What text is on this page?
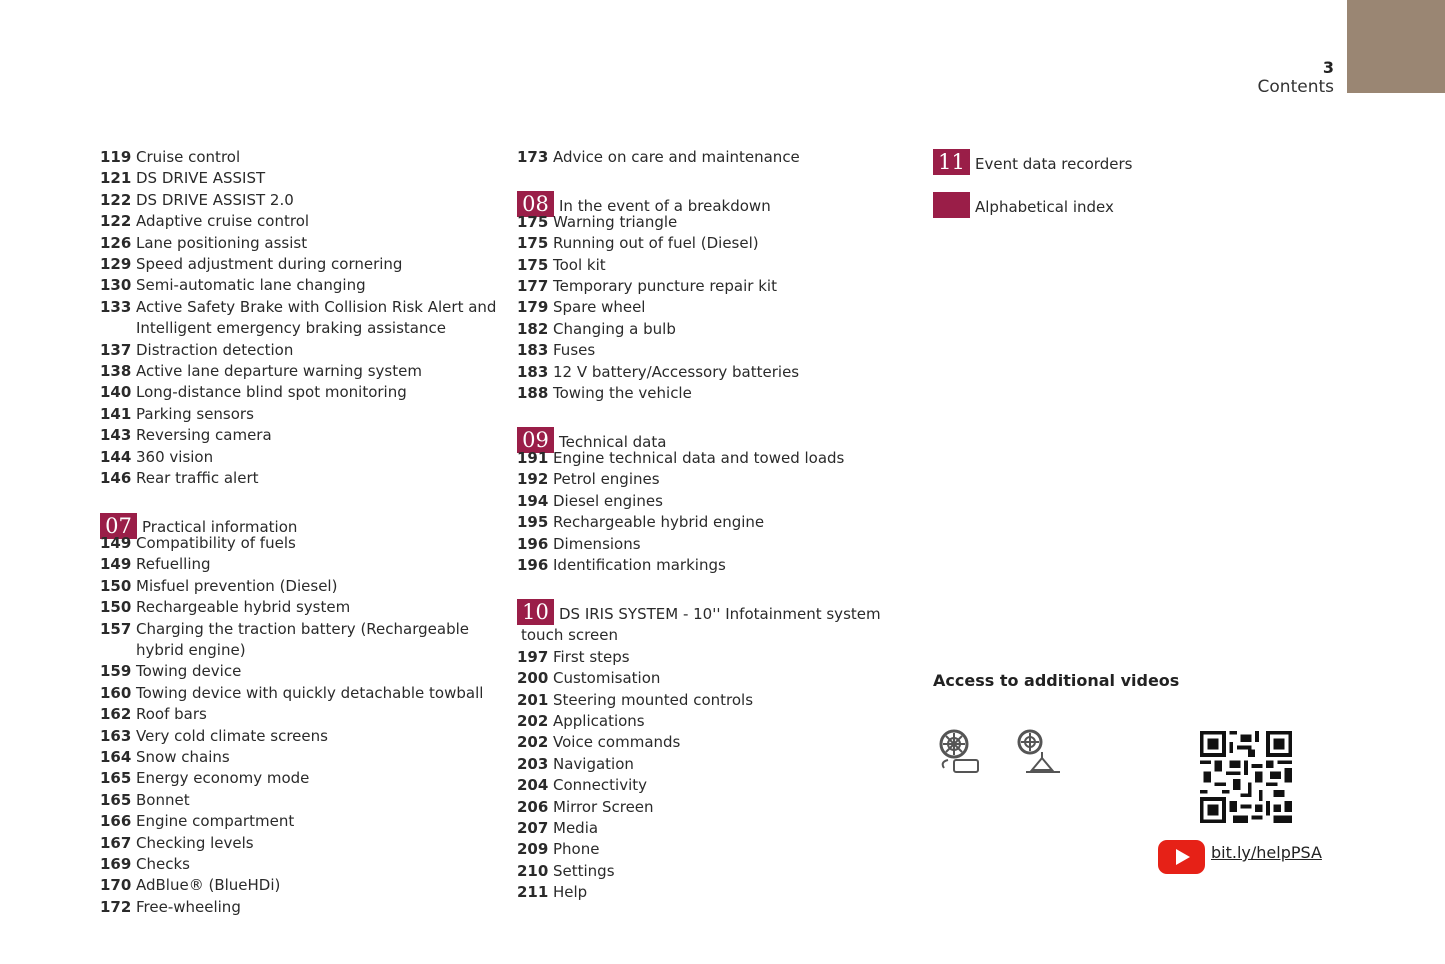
3
Contents
119 Cruise control
121 DS DRIVE ASSIST
122 DS DRIVE ASSIST 2.0
122 Adaptive cruise control
126 Lane positioning assist
129 Speed adjustment during cornering
130 Semi-automatic lane changing
133 Active Safety Brake with Collision Risk Alert and Intelligent emergency braking assistance
137 Distraction detection
138 Active lane departure warning system
140 Long-distance blind spot monitoring
141 Parking sensors
143 Reversing camera
144 360 vision
146 Rear traffic alert
07 Practical information
149 Compatibility of fuels
149 Refuelling
150 Misfuel prevention (Diesel)
150 Rechargeable hybrid system
157 Charging the traction battery (Rechargeable hybrid engine)
159 Towing device
160 Towing device with quickly detachable towball
162 Roof bars
163 Very cold climate screens
164 Snow chains
165 Energy economy mode
165 Bonnet
166 Engine compartment
167 Checking levels
169 Checks
170 AdBlue® (BlueHDi)
172 Free-wheeling
173 Advice on care and maintenance
08 In the event of a breakdown
175 Warning triangle
175 Running out of fuel (Diesel)
175 Tool kit
177 Temporary puncture repair kit
179 Spare wheel
182 Changing a bulb
183 Fuses
183 12 V battery/Accessory batteries
188 Towing the vehicle
09 Technical data
191 Engine technical data and towed loads
192 Petrol engines
194 Diesel engines
195 Rechargeable hybrid engine
196 Dimensions
196 Identification markings
10 DS IRIS SYSTEM - 10'' Infotainment system
touch screen
197 First steps
200 Customisation
201 Steering mounted controls
202 Applications
202 Voice commands
203 Navigation
204 Connectivity
206 Mirror Screen
207 Media
209 Phone
210 Settings
211 Help
11 Event data recorders
Alphabetical index
Access to additional videos
bit.ly/helpPSA
